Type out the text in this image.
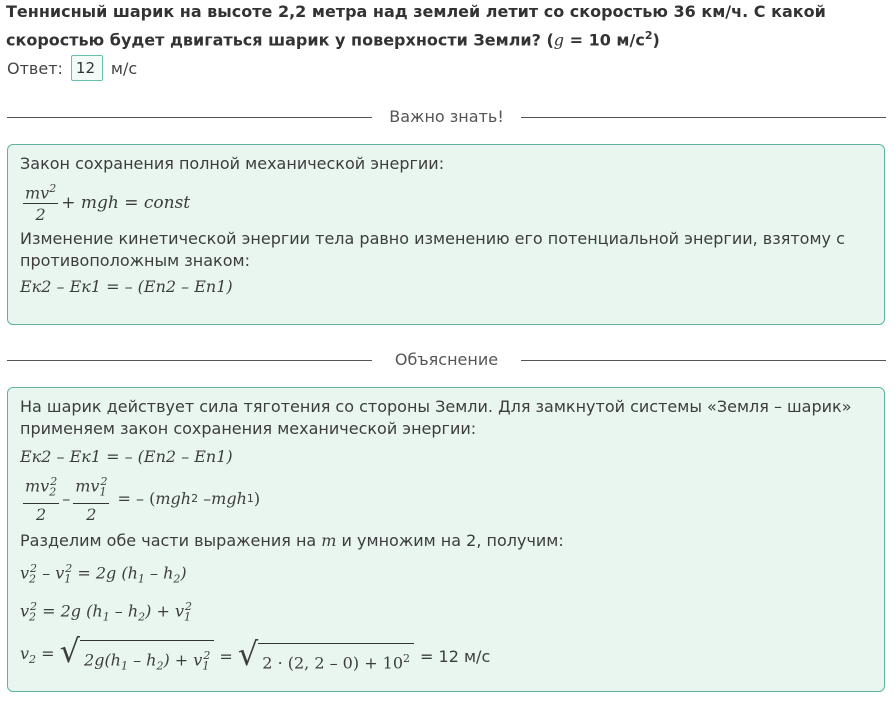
Теннисный шарик на высоте 2,2 метра над землей летит со скоростью 36 км/ч. С какой скоростью будет двигаться шарик у поверхности Земли? (g = 10 $м/с^2$)
Ответ: 12 м/с
Важно знать!
Закон сохранения полной механической энергии:
$\frac{mv^2}{2}$ + mgh = const
Изменение кинетической энергии тела равно изменению его потенциальной энергии, взятому с противоположным знаком:
Eк2 – Eк1 = – (Eп2 – Eп1)
Объяснение
На шарик действует сила тяготения со стороны Земли. Для замкнутой системы «Земля – шарик» применяем закон сохранения механической энергии:
Eк2 – Eк1 = – (Eп2 – Eп1)
$\frac{mv_2^2}{2} - \frac{mv_1^2}{2}$ = – ( mgh 2 – mgh 1 )
Разделим обе части выражения на m и умножим на 2, получим:
$v_2^2 - v_1^2 = 2g$ $(h_1 - h_2)$
$v_2^2 = 2g$ $(h_1 - h_2) + v_1^2$
$v_2$ = √ $2g(h_1 - h_2) + v_1^2$ = √ 2 · (2, $2 - 0) + 10^2 = 12$ м/с
